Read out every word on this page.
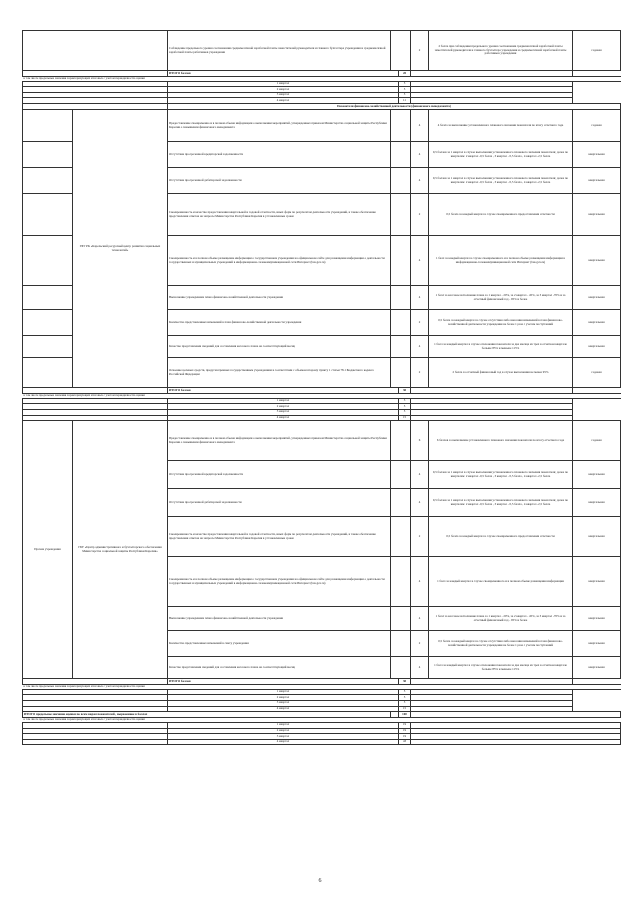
		Соблюдение предельного уровня соотношения среднемесячной заработной платы заместителей руководителя и главного бухгалтера учреждения и среднемесячной заработной платы работников учреждения			2	2 балла при соблюдении предельного уровня соотношения среднемесячной заработной платы заместителей руководителя и главного бухгалтера учреждения и среднемесячной заработной платы работников учреждения	годовая
		ИТОГО баллов		20			
в том числе предельные значения характеризующих итоговых с учетом периодичности оценки							
		1 квартал		5			
		2 квартал		5			
		3 квартал		5			
		4 квартал		11			
		Показатели финансово-хозяйственной деятельности (финансового менеджмента)					
	ГБУ РК «Карельский ресурсный центр развития социальных технологий»	Предоставление своевременно и в полном объеме информации о выполнении мероприятий, утвержденных приказом Министерства социальной защиты Республики Карелия о повышении финансового менеджмента			4	4 балла за выполнение установленного планового значения показателя по итогу отчетного года	годовая
		Отсутствие просроченной кредиторской задолженности			4	0,5 баллов за 1 квартал в случае выполнения установленного планового значения показателя; далее по кварталам: 2 квартал -0,5 балла , 3 квартал - 0,5 балла , 4 квартал -2,5 балла	квартальная
		Отсутствие просроченной дебиторской задолженности			4	0,5 баллов за 1 квартал в случае выполнения установленного планового значения показателя; далее по кварталам: 2 квартал -0,5 балла , 3 квартал - 0,5 балла , 4 квартал -2,5 балла	квартальная
		Своевременность и качество предоставления квартальной и годовой отчетности, иных форм по результатам деятельности учреждений, в также обеспечение представления ответов на запросы Министерства Республики Карелия в установленные сроки			2	0,5 балла за каждый квартал в случае своевременного предоставления отчетности	квартальная
		Своевременность и в полном объеме размещение информации о государственном учреждении на официальном сайте для размещения информации о деятельности государственных и муниципальных учреждений в информационно-телекоммуникационной сети Интернет (bus.gov.ru)			4	1 балл за каждый квартал в случае своевременного и в полном объеме размещения информации в информационно-телекоммуникационной сети Интернет (bus.gov.ru)	квартальная
		Выполнение учреждением плана финансово-хозяйственной деятельности учреждения			4	1 балл за кассовое исполнение плана за 1 квартал - 20%, за 2 квартал - 45%, за 3 квартал -70% и за отчетный финансовый год - 95% и более	квартальная
		Количество представленных изменений в план финансово-хозяйственной деятельности учреждения			2	0,5 балла за каждый квартал в случае отсутствия либо внесения изменений в план финансово-хозяйственной деятельности учреждения не более 1 раза с учетом поступлений	квартальная
		Качество представления сведений для составления кассового плана на соответствующий месяц			4	1 балл за каждый квартал в случае отклонения показателя за два месяца из трех в отчетном квартале больше 85% и меньше 115%	квартальная
		Освоение целевых средств, предусмотренных государственным учреждениям в соответствии с объемом второму пункту 1 статьи 78.1 Бюджетного кодекса Российской Федерации			2	2 балла за отчетный финансовый год в случае выполнения не менее 95%	годовая
		ИТОГО баллов		30			
в том числе предельные значения характеризующих итоговых с учетом периодичности оценки							
		1 квартал		5			
		2 квартал		5			
		3 квартал		5			
		4 квартал		15			
Прочие учреждения	ГБУ «Центр административного и бухгалтерского обеспечения Министерства социальной защиты Республики Карелия»	Предоставление своевременно и в полном объеме информации о выполнении мероприятий, утвержденных приказом Министерства социальной защиты Республики Карелия о повышении финансового менеджмента			6	6 баллов за выполнение установленного планового значения показателя по итогу отчетного года	годовая
		Отсутствие просроченной кредиторской задолженности			4	0,5 баллов за 1 квартал в случае выполнения установленного планового значения показателя; далее по кварталам: 2 квартал -0,5 балла , 3 квартал - 0,5 балла , 4 квартал -2,5 балла	квартальная
		Отсутствие просроченной дебиторской задолженности			4	0,5 баллов за 1 квартал в случае выполнения установленного планового значения показателя; далее по кварталам: 2 квартал -0,5 балла , 3 квартал - 0,5 балла , 4 квартал -2,5 балла	квартальная
		Своевременность и качество предоставления квартальной и годовой отчетности, иных форм по результатам деятельности учреждений, в также обеспечение представления ответов на запросы Министерства Республики Карелия в установленные сроки			2	0,5 балла за каждый квартал в случае своевременного предоставления отчетности	квартальная
		Своевременность и в полном объеме размещение информации о государственном учреждении на официальном сайте для размещения информации о деятельности государственных и муниципальных учреждений в информационно-телекоммуникационной сети Интернет (bus.gov.ru)			4	1 балл за каждый квартал в случае своевременного и в полном объеме размещения информации	квартальная
		Выполнение учреждением плана финансово-хозяйственной деятельности учреждения			4	1 балл за кассовое исполнение плана за 1 квартал - 20%, за 2 квартал - 45%, за 3 квартал -70% и за отчетный финансовый год - 95% и более	квартальная
		Количество представленных изменений в смету учреждения			2	0,5 балла за каждый квартал в случае отсутствия либо внесения изменений в план финансово-хозяйственной деятельности учреждения не более 1 раза с учетом поступлений	квартальная
		Качество представления сведений для составления кассового плана на соответствующий месяц			4	1 балл за каждый квартал в случае отклонения показателя за два месяца из трех в отчетном квартале больше 85% и меньше 115%	квартальная
		ИТОГО баллов		30			
в том числе предельные значения характеризующих итоговых с учетом периодичности оценки							
		1 квартал		5			
		2 квартал		5			
		3 квартал		5			
		4 квартал		15			
ИТОГО предельное значение оценки по всем видам показателей , выраженное в баллах				100			
в том числе предельные значения характеризующих итоговых с учетом периодичности оценки							
		1 квартал		19			
		2 квартал		19			
		3 квартал		19			
		4 квартал		43			
6
